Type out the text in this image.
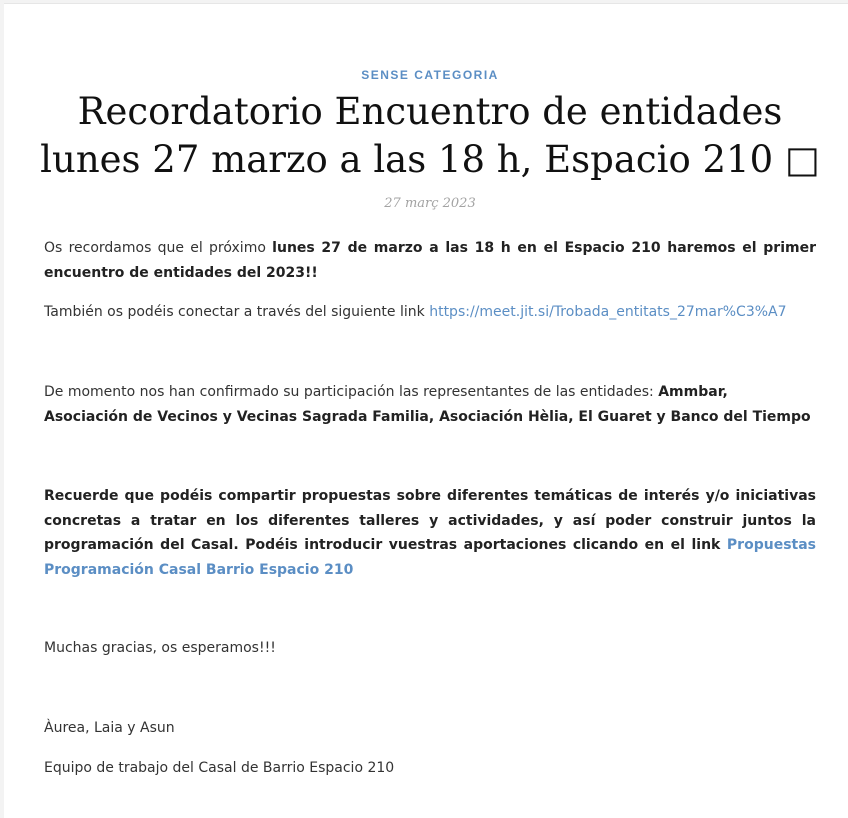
SENSE CATEGORIA
Recordatorio Encuentro de entidades
lunes 27 marzo a las 18 h, Espacio 210 □
27 març 2023

Os recordamos que el próximo lunes 27 de marzo a las 18 h en el Espacio 210 haremos el primer encuentro de entidades del 2023!!

También os podéis conectar a través del siguiente link https://meet.jit.si/Trobada_entitats_27mar%C3%A7

De momento nos han confirmado su participación las representantes de las entidades: Ammbar, Asociación de Vecinos y Vecinas Sagrada Familia, Asociación Hèlia, El Guaret y Banco del Tiempo

Recuerde que podéis compartir propuestas sobre diferentes temáticas de interés y/o iniciativas concretas a tratar en los diferentes talleres y actividades, y así poder construir juntos la programación del Casal. Podéis introducir vuestras aportaciones clicando en el link Propuestas Programación Casal Barrio Espacio 210

Muchas gracias, os esperamos!!!

Àurea, Laia y Asun

Equipo de trabajo del Casal de Barrio Espacio 210
